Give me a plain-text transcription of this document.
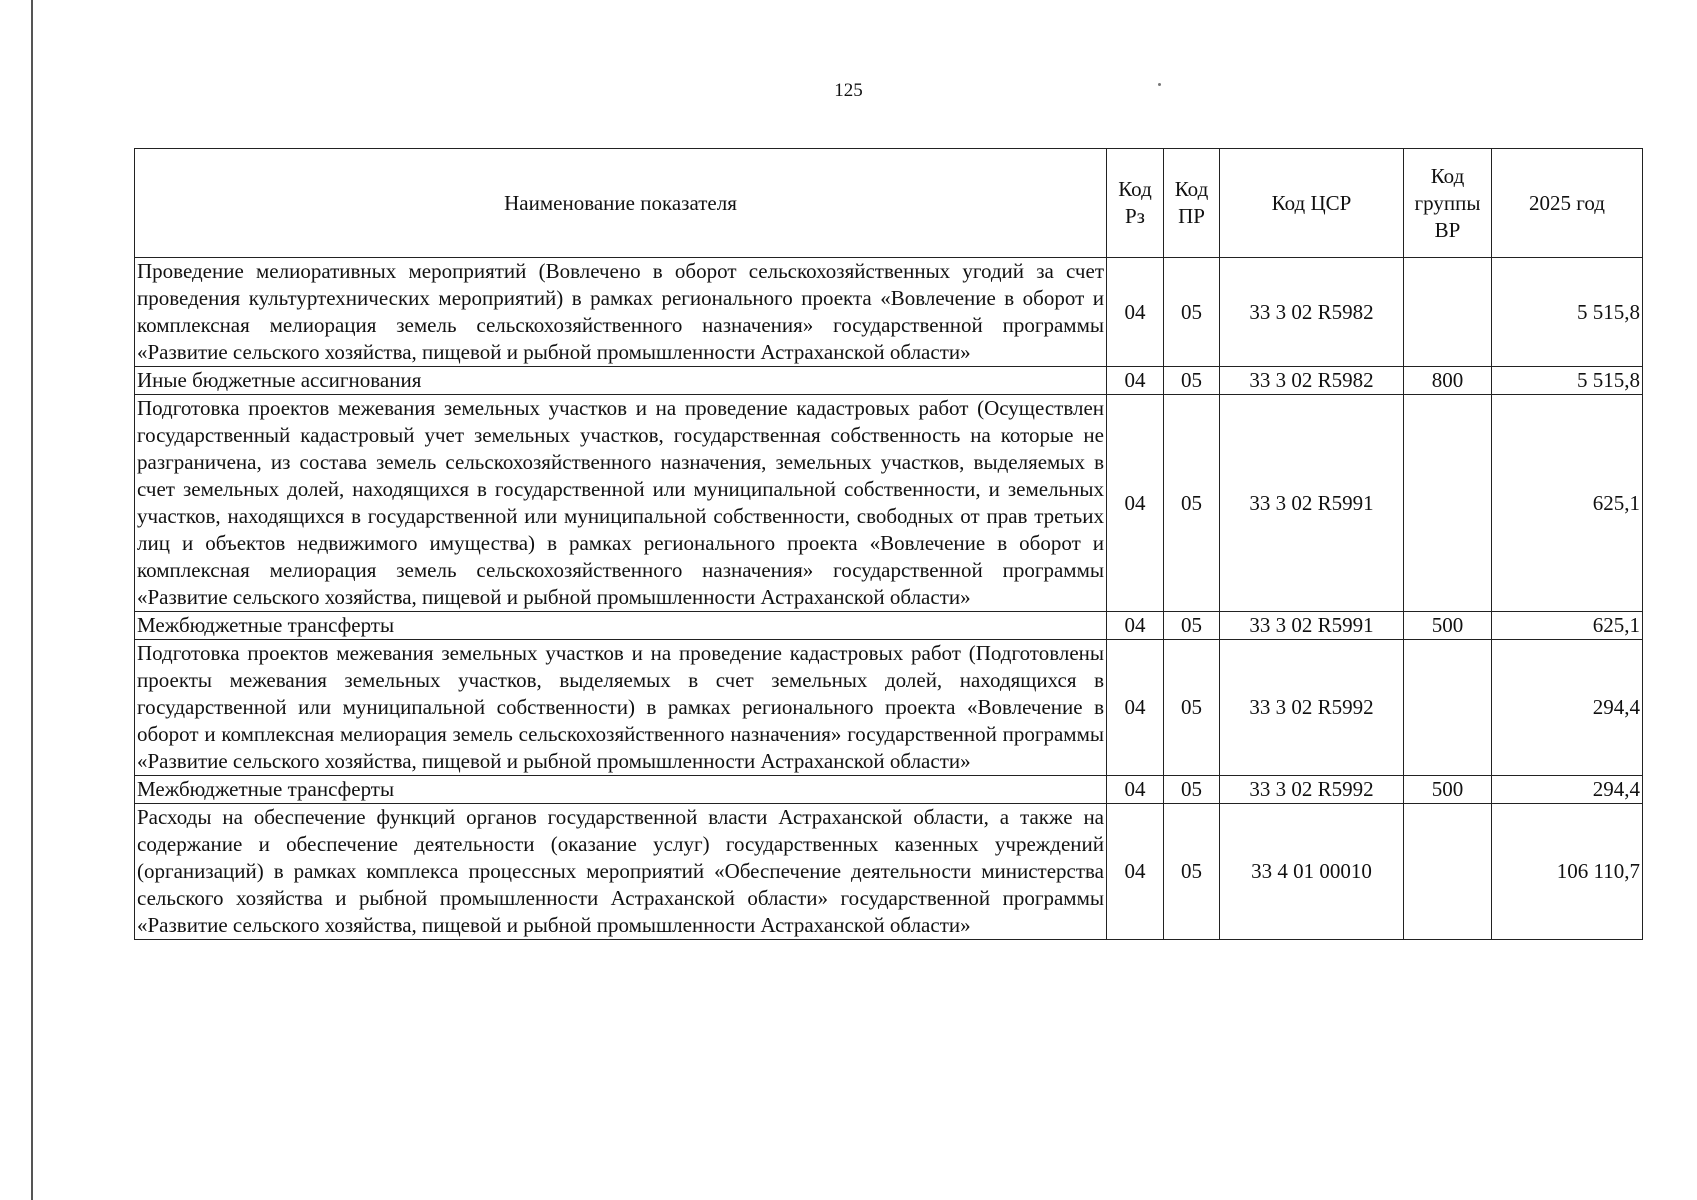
125
Наименование показателя	Код Рз	Код ПР	Код ЦСР	Код группы ВР	2025 год
Проведение мелиоративных мероприятий (Вовлечено в оборот сельскохозяйственных угодий за счет проведения культуртехнических мероприятий) в рамках регионального проекта «Вовлечение в оборот и комплексная мелиорация земель сельскохозяйственного назначения» государственной программы «Развитие сельского хозяйства, пищевой и рыбной промышленности Астраханской области»	04	05	33 3 02 R5982		5 515,8
Иные бюджетные ассигнования	04	05	33 3 02 R5982	800	5 515,8
Подготовка проектов межевания земельных участков и на проведение кадастровых работ (Осуществлен государственный кадастровый учет земельных участков, государственная собственность на которые не разграничена, из состава земель сельскохозяйственного назначения, земельных участков, выделяемых в счет земельных долей, находящихся в государственной или муниципальной собственности, и земельных участков, находящихся в государственной или муниципальной собственности, свободных от прав третьих лиц и объектов недвижимого имущества) в рамках регионального проекта «Вовлечение в оборот и комплексная мелиорация земель сельскохозяйственного назначения» государственной программы «Развитие сельского хозяйства, пищевой и рыбной промышленности Астраханской области»	04	05	33 3 02 R5991		625,1
Межбюджетные трансферты	04	05	33 3 02 R5991	500	625,1
Подготовка проектов межевания земельных участков и на проведение кадастровых работ (Подготовлены проекты межевания земельных участков, выделяемых в счет земельных долей, находящихся в государственной или муниципальной собственности) в рамках регионального проекта «Вовлечение в оборот и комплексная мелиорация земель сельскохозяйственного назначения» государственной программы «Развитие сельского хозяйства, пищевой и рыбной промышленности Астраханской области»	04	05	33 3 02 R5992		294,4
Межбюджетные трансферты	04	05	33 3 02 R5992	500	294,4
Расходы на обеспечение функций органов государственной власти Астраханской области, а также на содержание и обеспечение деятельности (оказание услуг) государственных казенных учреждений (организаций) в рамках комплекса процессных мероприятий «Обеспечение деятельности министерства сельского хозяйства и рыбной промышленности Астраханской области» государственной программы «Развитие сельского хозяйства, пищевой и рыбной промышленности Астраханской области»	04	05	33 4 01 00010		106 110,7
